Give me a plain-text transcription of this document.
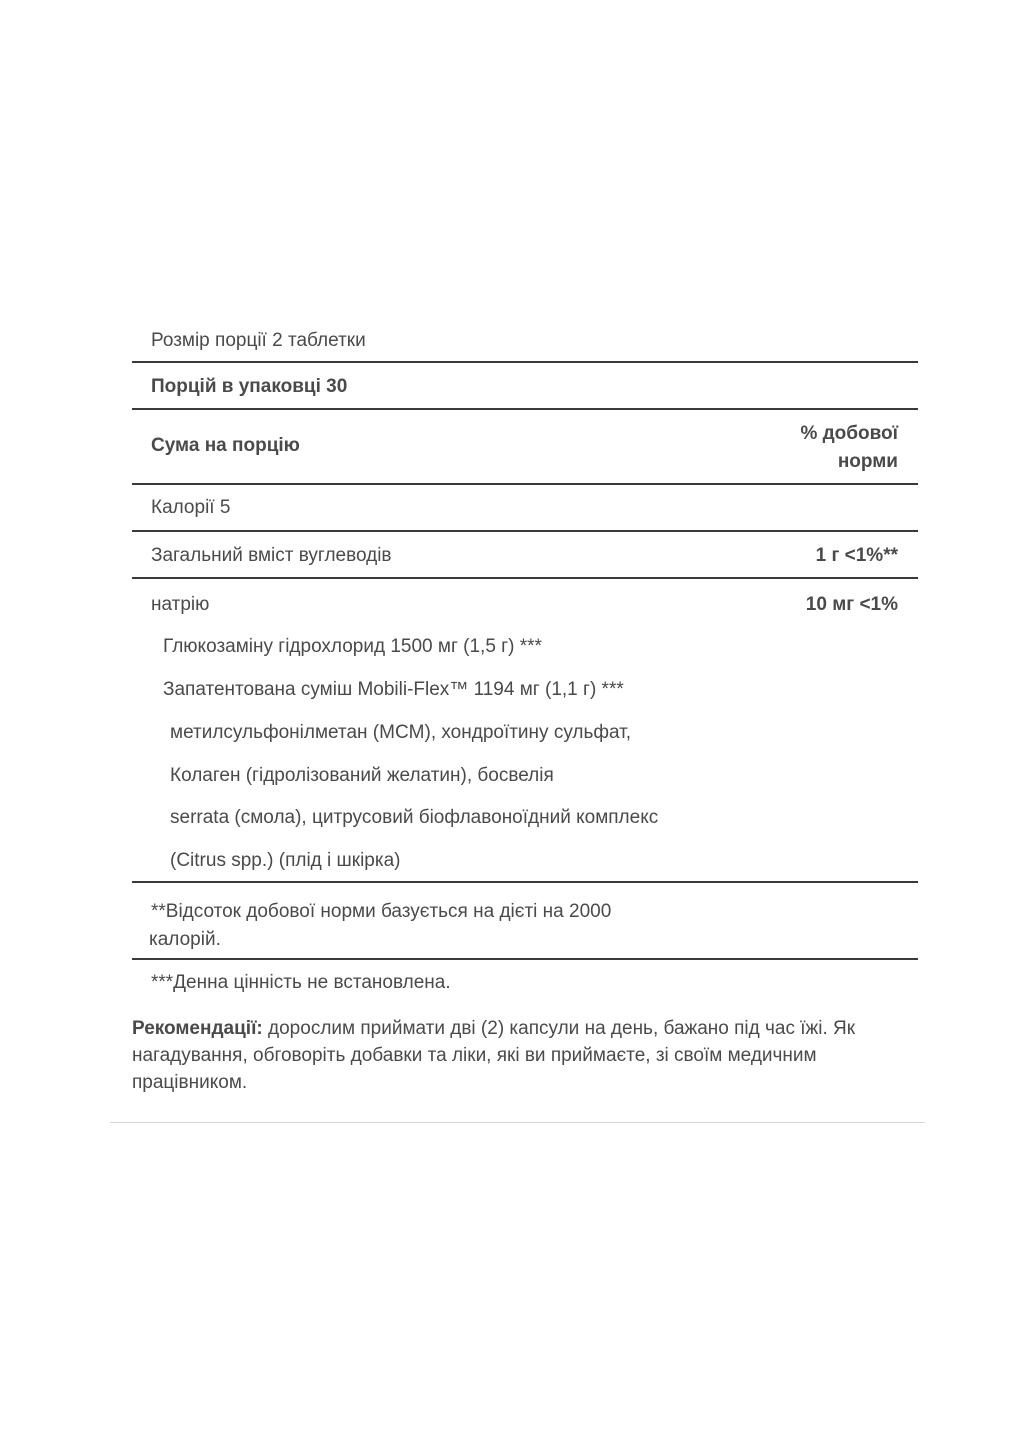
Розмір порції 2 таблетки
Порцій в упаковці 30
Сума на порцію
% добової
норми
Калорії 5
Загальний вміст вуглеводів	1 г <1%**
натрію	10 мг <1%
Глюкозаміну гідрохлорид 1500 мг (1,5 г) ***
Запатентована суміш Mobili-Flex™ 1194 мг (1,1 г) ***
метилсульфонілметан (MCM), хондроїтину сульфат,
Колаген (гідролізований желатин), босвелія
serrata (смола), цитрусовий біофлавоноїдний комплекс
(Citrus spp.) (плід і шкірка)
**Відсоток добової норми базується на дієті на 2000
калорій.
***Денна цінність не встановлена.
Рекомендації: дорослим приймати дві (2) капсули на день, бажано під час їжі. Як нагадування, обговоріть добавки та ліки, які ви приймаєте, зі своїм медичним працівником.
